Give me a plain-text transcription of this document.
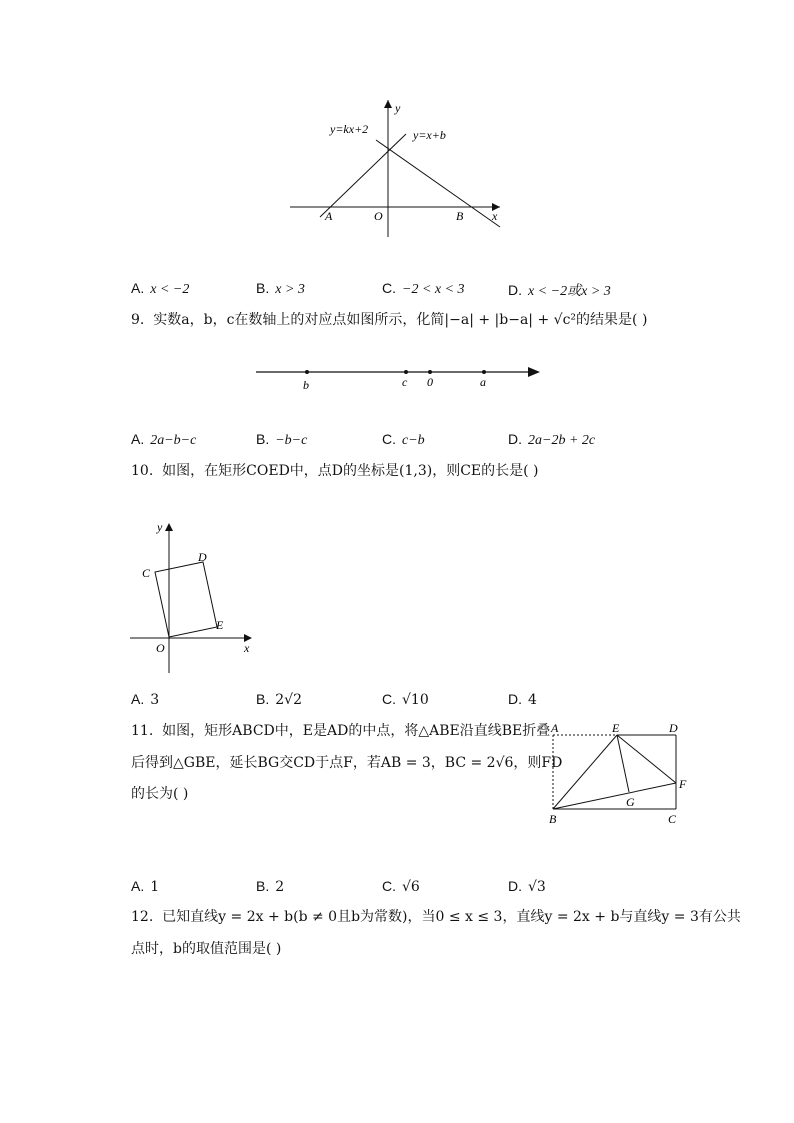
y=kx+2	y=x+b
y
x
A	O	B
A. x < −2	B. x > 3	C. −2 < x < 3	D. x < −2或x > 3
9. 实数a，b，c在数轴上的对应点如图所示，化简|−a| + |b−a| + √c²的结果是( )
b	c 0	a
A. 2a−b−c	B. −b−c	C. c−b	D. 2a−2b + 2c
10. 如图，在矩形COED中，点D的坐标是(1,3)，则CE的长是( )
y
C
D
E
O	x
A. 3	B. 2√2	C. √10	D. 4
11. 如图，矩形ABCD中，E是AD的中点，将△ABE沿直线BE折叠
后得到△GBE，延长BG交CD于点F，若AB = 3，BC = 2√6，则FD
的长为( )
A	E	D
F
G
B	C
A. 1	B. 2	C. √6	D. √3
12. 已知直线y = 2x + b(b ≠ 0且b为常数)，当0 ≤ x ≤ 3，直线y = 2x + b与直线y = 3有公共
点时，b的取值范围是( )
